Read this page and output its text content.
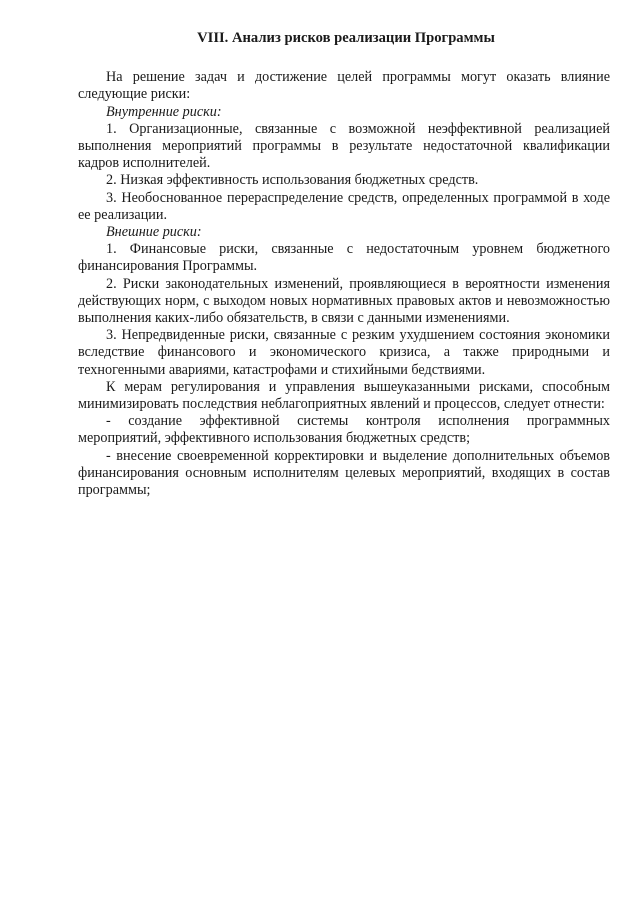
VIII. Анализ рисков реализации Программы

На решение задач и достижение целей программы могут оказать влияние следующие риски:

Внутренние риски:

1. Организационные, связанные с возможной неэффективной реализацией выполнения мероприятий программы в результате недостаточной квалификации кадров исполнителей.

2. Низкая эффективность использования бюджетных средств.

3. Необоснованное перераспределение средств, определенных программой в ходе ее реализации.

Внешние риски:

1. Финансовые риски, связанные с недостаточным уровнем бюджетного финансирования Программы.

2. Риски законодательных изменений, проявляющиеся в вероятности изменения действующих норм, с выходом новых нормативных правовых актов и невозможностью выполнения каких-либо обязательств, в связи с данными изменениями.

3. Непредвиденные риски, связанные с резким ухудшением состояния экономики вследствие финансового и экономического кризиса, а также природными и техногенными авариями, катастрофами и стихийными бедствиями.

К мерам регулирования и управления вышеуказанными рисками, способным минимизировать последствия неблагоприятных явлений и процессов, следует отнести:

- создание эффективной системы контроля исполнения программных мероприятий, эффективного использования бюджетных средств;

- внесение своевременной корректировки и выделение дополнительных объемов финансирования основным исполнителям целевых мероприятий, входящих в состав программы;
